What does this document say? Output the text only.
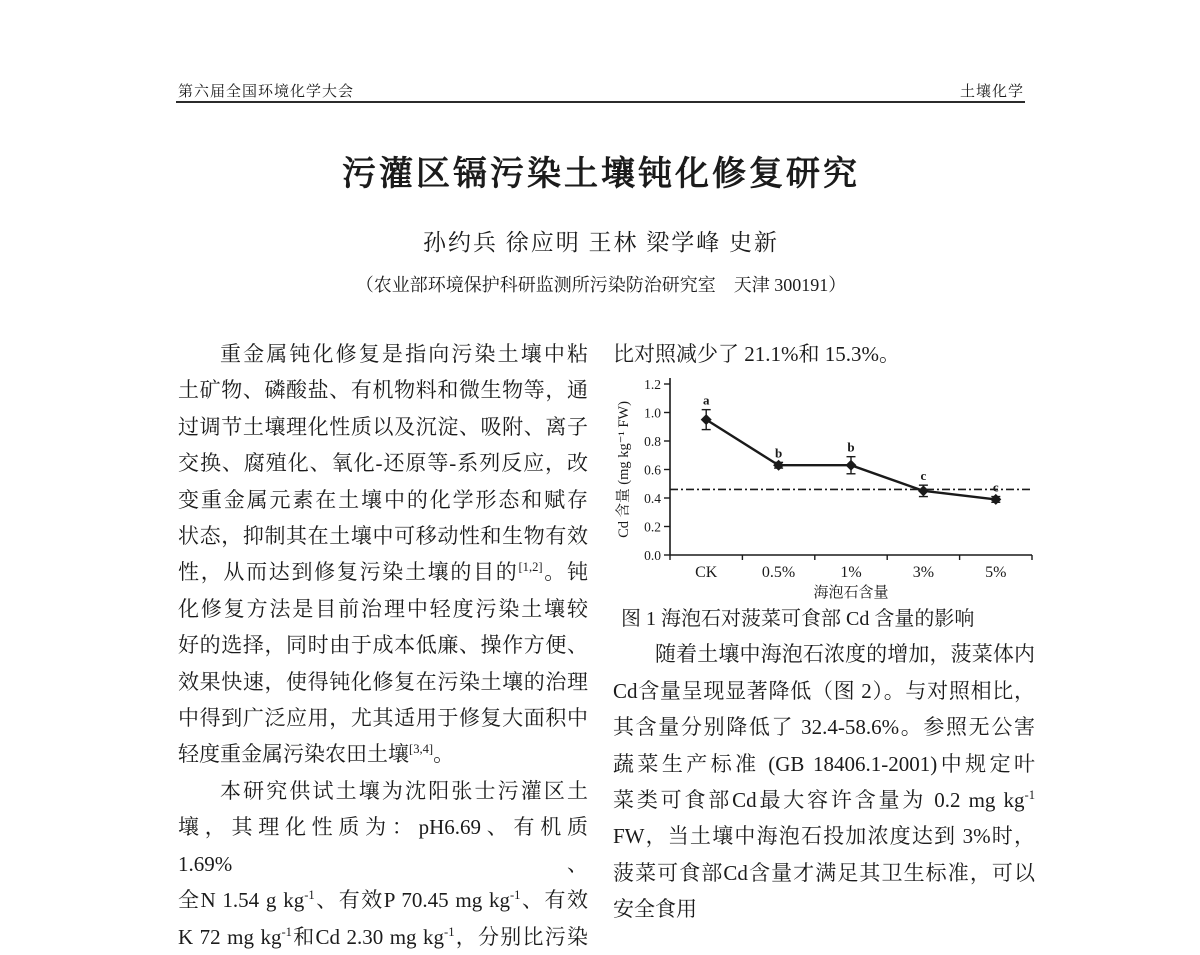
第六届全国环境化学大会	土壤化学
污灌区镉污染土壤钝化修复研究
孙约兵 徐应明 王林 梁学峰 史新
（农业部环境保护科研监测所污染防治研究室　天津 300191）
重金属钝化修复是指向污染土壤中粘
土矿物、磷酸盐、有机物料和微生物等，通
过调节土壤理化性质以及沉淀、吸附、离子
交换、腐殖化、氧化-还原等-系列反应，改
变重金属元素在土壤中的化学形态和赋存
状态，抑制其在土壤中可移动性和生物有效
性，从而达到修复污染土壤的目的[1,2]。钝
化修复方法是目前治理中轻度污染土壤较
好的选择，同时由于成本低廉、操作方便、
效果快速，使得钝化修复在污染土壤的治理
中得到广泛应用，尤其适用于修复大面积中
轻度重金属污染农田土壤[3,4]。
本研究供试土壤为沈阳张士污灌区土
壤，其理化性质为：pH6.69、有机质 1.69%、
全N 1.54 g $kg^{-1}$、有效P 70.45 mg $kg^{-1}$、有效
K 72 mg $kg^{-1}$和Cd 2.30 mg $kg^{-1}$，分别比污染
比对照减少了 21.1%和 15.3%。
0.0
0.2
0.4
0.6
0.8
1.0
1.2
CK	0.5%	1%	3%	5%
海泡石含量
Cd 含量 (mg kg⁻¹ FW)
a
b	b
c
c
图 1 海泡石对菠菜可食部 Cd 含量的影响
随着土壤中海泡石浓度的增加，菠菜体内
Cd含量呈现显著降低（图 2）。与对照相比，
其含量分别降低了 32.4-58.6%。参照无公害
蔬菜生产标准 (GB 18406.1-2001)中规定叶
菜类可食部Cd最大容许含量为 0.2 mg $kg^{-1}$
FW，当土壤中海泡石投加浓度达到 3%时，
菠菜可食部Cd含量才满足其卫生标准，可以
安全食用
